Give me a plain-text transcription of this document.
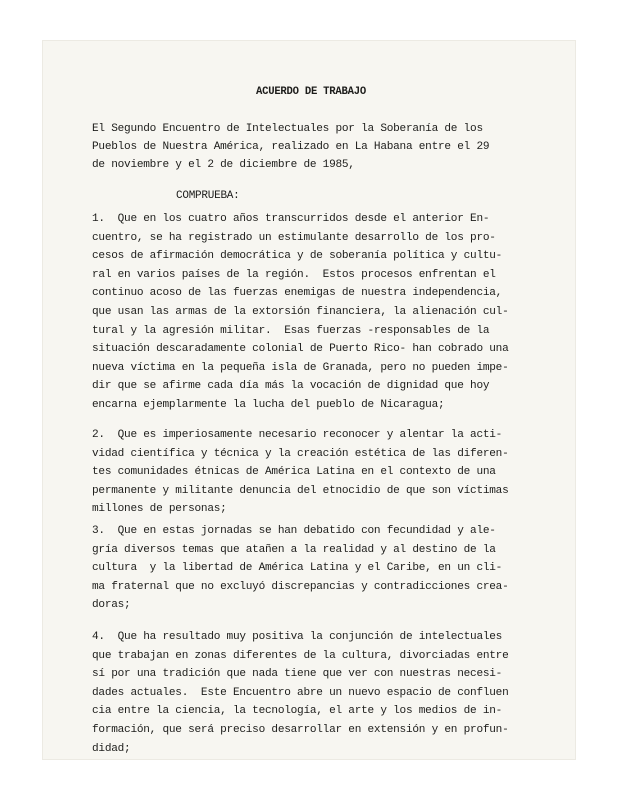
ACUERDO DE TRABAJO
El Segundo Encuentro de Intelectuales por la Soberanía de los
Pueblos de Nuestra América, realizado en La Habana entre el 29
de noviembre y el 2 de diciembre de 1985,
COMPRUEBA:
1.  Que en los cuatro años transcurridos desde el anterior En-
cuentro, se ha registrado un estimulante desarrollo de los pro-
cesos de afirmación democrática y de soberanía política y cultu-
ral en varios países de la región.  Estos procesos enfrentan el
continuo acoso de las fuerzas enemigas de nuestra independencia,
que usan las armas de la extorsión financiera, la alienación cul-
tural y la agresión militar.  Esas fuerzas -responsables de la
situación descaradamente colonial de Puerto Rico- han cobrado una
nueva víctima en la pequeña isla de Granada, pero no pueden impe-
dir que se afirme cada día más la vocación de dignidad que hoy
encarna ejemplarmente la lucha del pueblo de Nicaragua;
2.  Que es imperiosamente necesario reconocer y alentar la acti-
vidad científica y técnica y la creación estética de las diferen-
tes comunidades étnicas de América Latina en el contexto de una
permanente y militante denuncia del etnocidio de que son víctimas
millones de personas;
3.  Que en estas jornadas se han debatido con fecundidad y ale-
gría diversos temas que atañen a la realidad y al destino de la
cultura  y la libertad de América Latina y el Caribe, en un cli-
ma fraternal que no excluyó discrepancias y contradicciones crea-
doras;
4.  Que ha resultado muy positiva la conjunción de intelectuales
que trabajan en zonas diferentes de la cultura, divorciadas entre
sí por una tradición que nada tiene que ver con nuestras necesi-
dades actuales.  Este Encuentro abre un nuevo espacio de confluen
cia entre la ciencia, la tecnología, el arte y los medios de in-
formación, que será preciso desarrollar en extensión y en profun-
didad;
